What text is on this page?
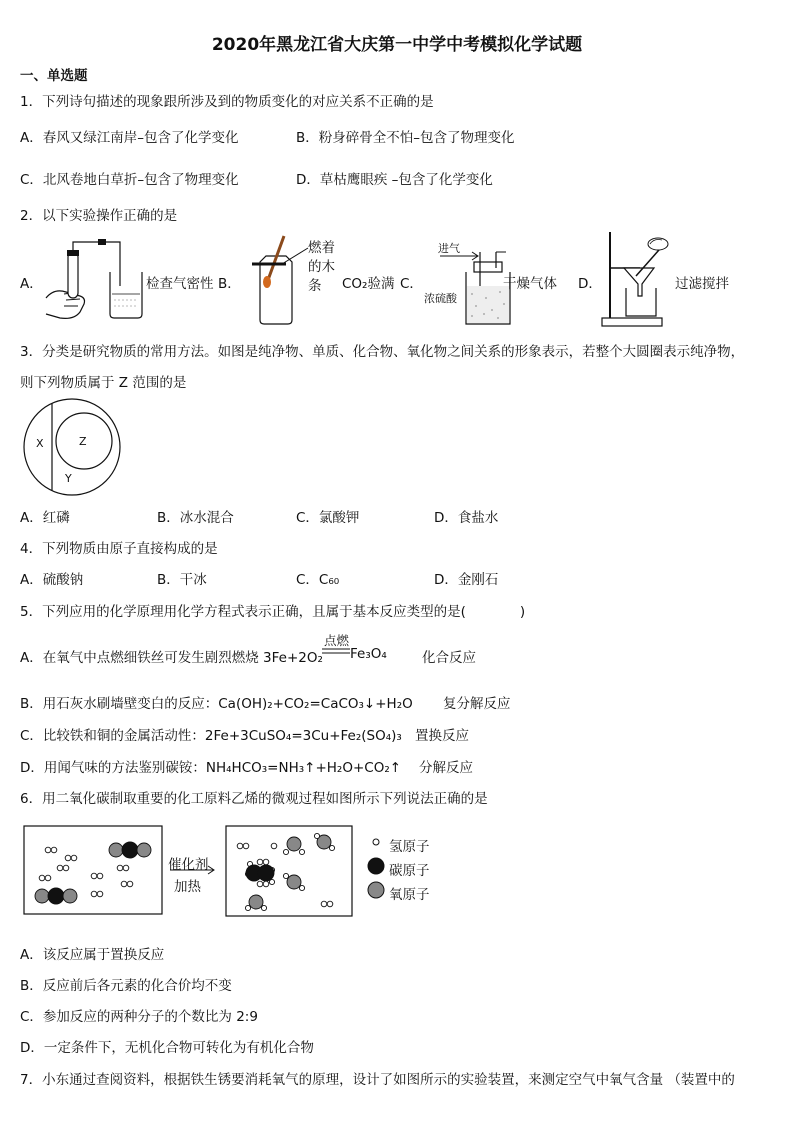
2020年黑龙江省大庆第一中学中考模拟化学试题
一、单选题
1．下列诗句描述的现象跟所涉及到的物质变化的对应关系不正确的是
A．春风又绿江南岸–包含了化学变化	B．粉身碎骨全不怕–包含了物理变化
C．北风卷地白草折–包含了物理变化	D．草枯鹰眼疾 –包含了化学变化
2．以下实验操作正确的是
A．	检查气密性 B．
燃着
的木
条 CO₂验满 C．
进气
浓硫酸
干燥气体 D．	过滤搅拌
3．分类是研究物质的常用方法。如图是纯净物、单质、化合物、氧化物之间关系的形象表示，若整个大圆圈表示纯净物，
则下列物质属于 Z 范围的是
X	Z
Y
A．红磷	B．冰水混合	C．氯酸钾	D．食盐水
4．下列物质由原子直接构成的是
A．硫酸钠	B．干冰	C．C₆₀	D．金刚石
5．下列应用的化学原理用化学方程式表示正确，且属于基本反应类型的是(　　　　)
A．在氧气中点燃细铁丝可发生剧烈燃烧 3Fe+2O₂
点燃
Fe₃O₄	化合反应
B．用石灰水刷墙壁变白的反应：Ca(OH)₂+CO₂=CaCO₃↓+H₂O 复分解反应
C．比较铁和铜的金属活动性：2Fe+3CuSO₄=3Cu+Fe₂(SO₄)₃ 置换反应
D．用闻气味的方法鉴别碳铵：NH₄HCO₃=NH₃↑+H₂O+CO₂↑ 分解反应
6．用二氧化碳制取重要的化工原料乙烯的微观过程如图所示下列说法正确的是
催化剂
加热
氢原子
碳原子
氧原子
A．该反应属于置换反应
B．反应前后各元素的化合价均不变
C．参加反应的两种分子的个数比为 2:9
D．一定条件下，无机化合物可转化为有机化合物
7．小东通过查阅资料，根据铁生锈要消耗氧气的原理，设计了如图所示的实验装置，来测定空气中氧气含量 （装置中的
